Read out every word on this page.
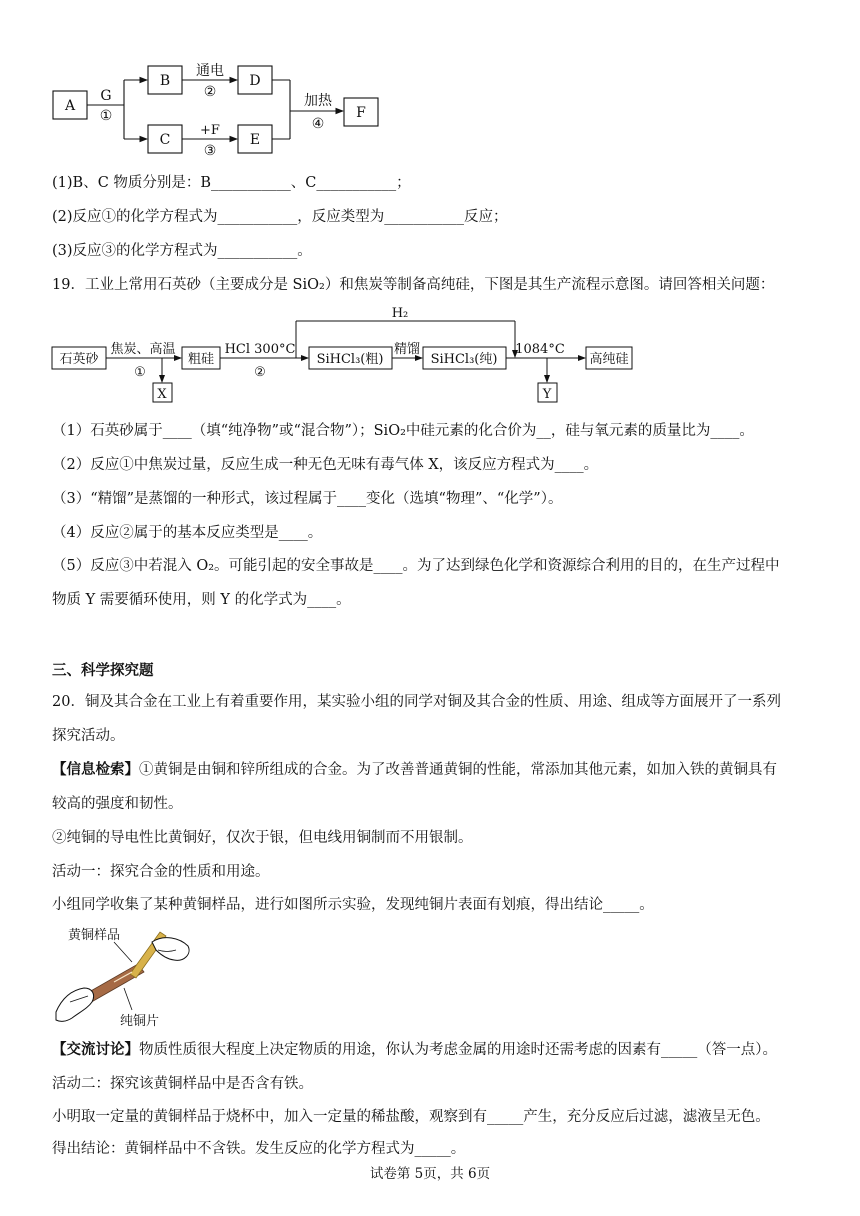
A
B
C
D
E
F
G
①
通电
②
+F
③
加热
④
(1)B、C 物质分别是：B___________、C___________；
(2)反应①的化学方程式为___________，反应类型为___________反应；
(3)反应③的化学方程式为___________。
19．工业上常用石英砂（主要成分是 SiO₂）和焦炭等制备高纯硅，下图是其生产流程示意图。请回答相关问题：
H₂
石英砂
焦炭、高温
①
X
粗硅
HCl 300°C
②
SiHCl₃(粗)
精馏
SiHCl₃(纯)
1084°C
Y
高纯硅
（1）石英砂属于____（填“纯净物”或“混合物”）；SiO₂中硅元素的化合价为__，硅与氧元素的质量比为____。
（2）反应①中焦炭过量，反应生成一种无色无味有毒气体 X，该反应方程式为____。
（3）“精馏”是蒸馏的一种形式，该过程属于____变化（选填“物理”、“化学”）。
（4）反应②属于的基本反应类型是____。
（5）反应③中若混入 O₂。可能引起的安全事故是____。为了达到绿色化学和资源综合利用的目的，在生产过程中
物质 Y 需要循环使用，则 Y 的化学式为____。
三、科学探究题
20．铜及其合金在工业上有着重要作用，某实验小组的同学对铜及其合金的性质、用途、组成等方面展开了一系列
探究活动。
【信息检索】①黄铜是由铜和锌所组成的合金。为了改善普通黄铜的性能，常添加其他元素，如加入铁的黄铜具有
较高的强度和韧性。
②纯铜的导电性比黄铜好，仅次于银，但电线用铜制而不用银制。
活动一：探究合金的性质和用途。
小组同学收集了某种黄铜样品，进行如图所示实验，发现纯铜片表面有划痕，得出结论_____。
黄铜样品
纯铜片
【交流讨论】物质性质很大程度上决定物质的用途，你认为考虑金属的用途时还需考虑的因素有_____（答一点）。
活动二：探究该黄铜样品中是否含有铁。
小明取一定量的黄铜样品于烧杯中，加入一定量的稀盐酸，观察到有_____产生，充分反应后过滤，滤液呈无色。
得出结论：黄铜样品中不含铁。发生反应的化学方程式为_____。
试卷第 5页，共 6页
